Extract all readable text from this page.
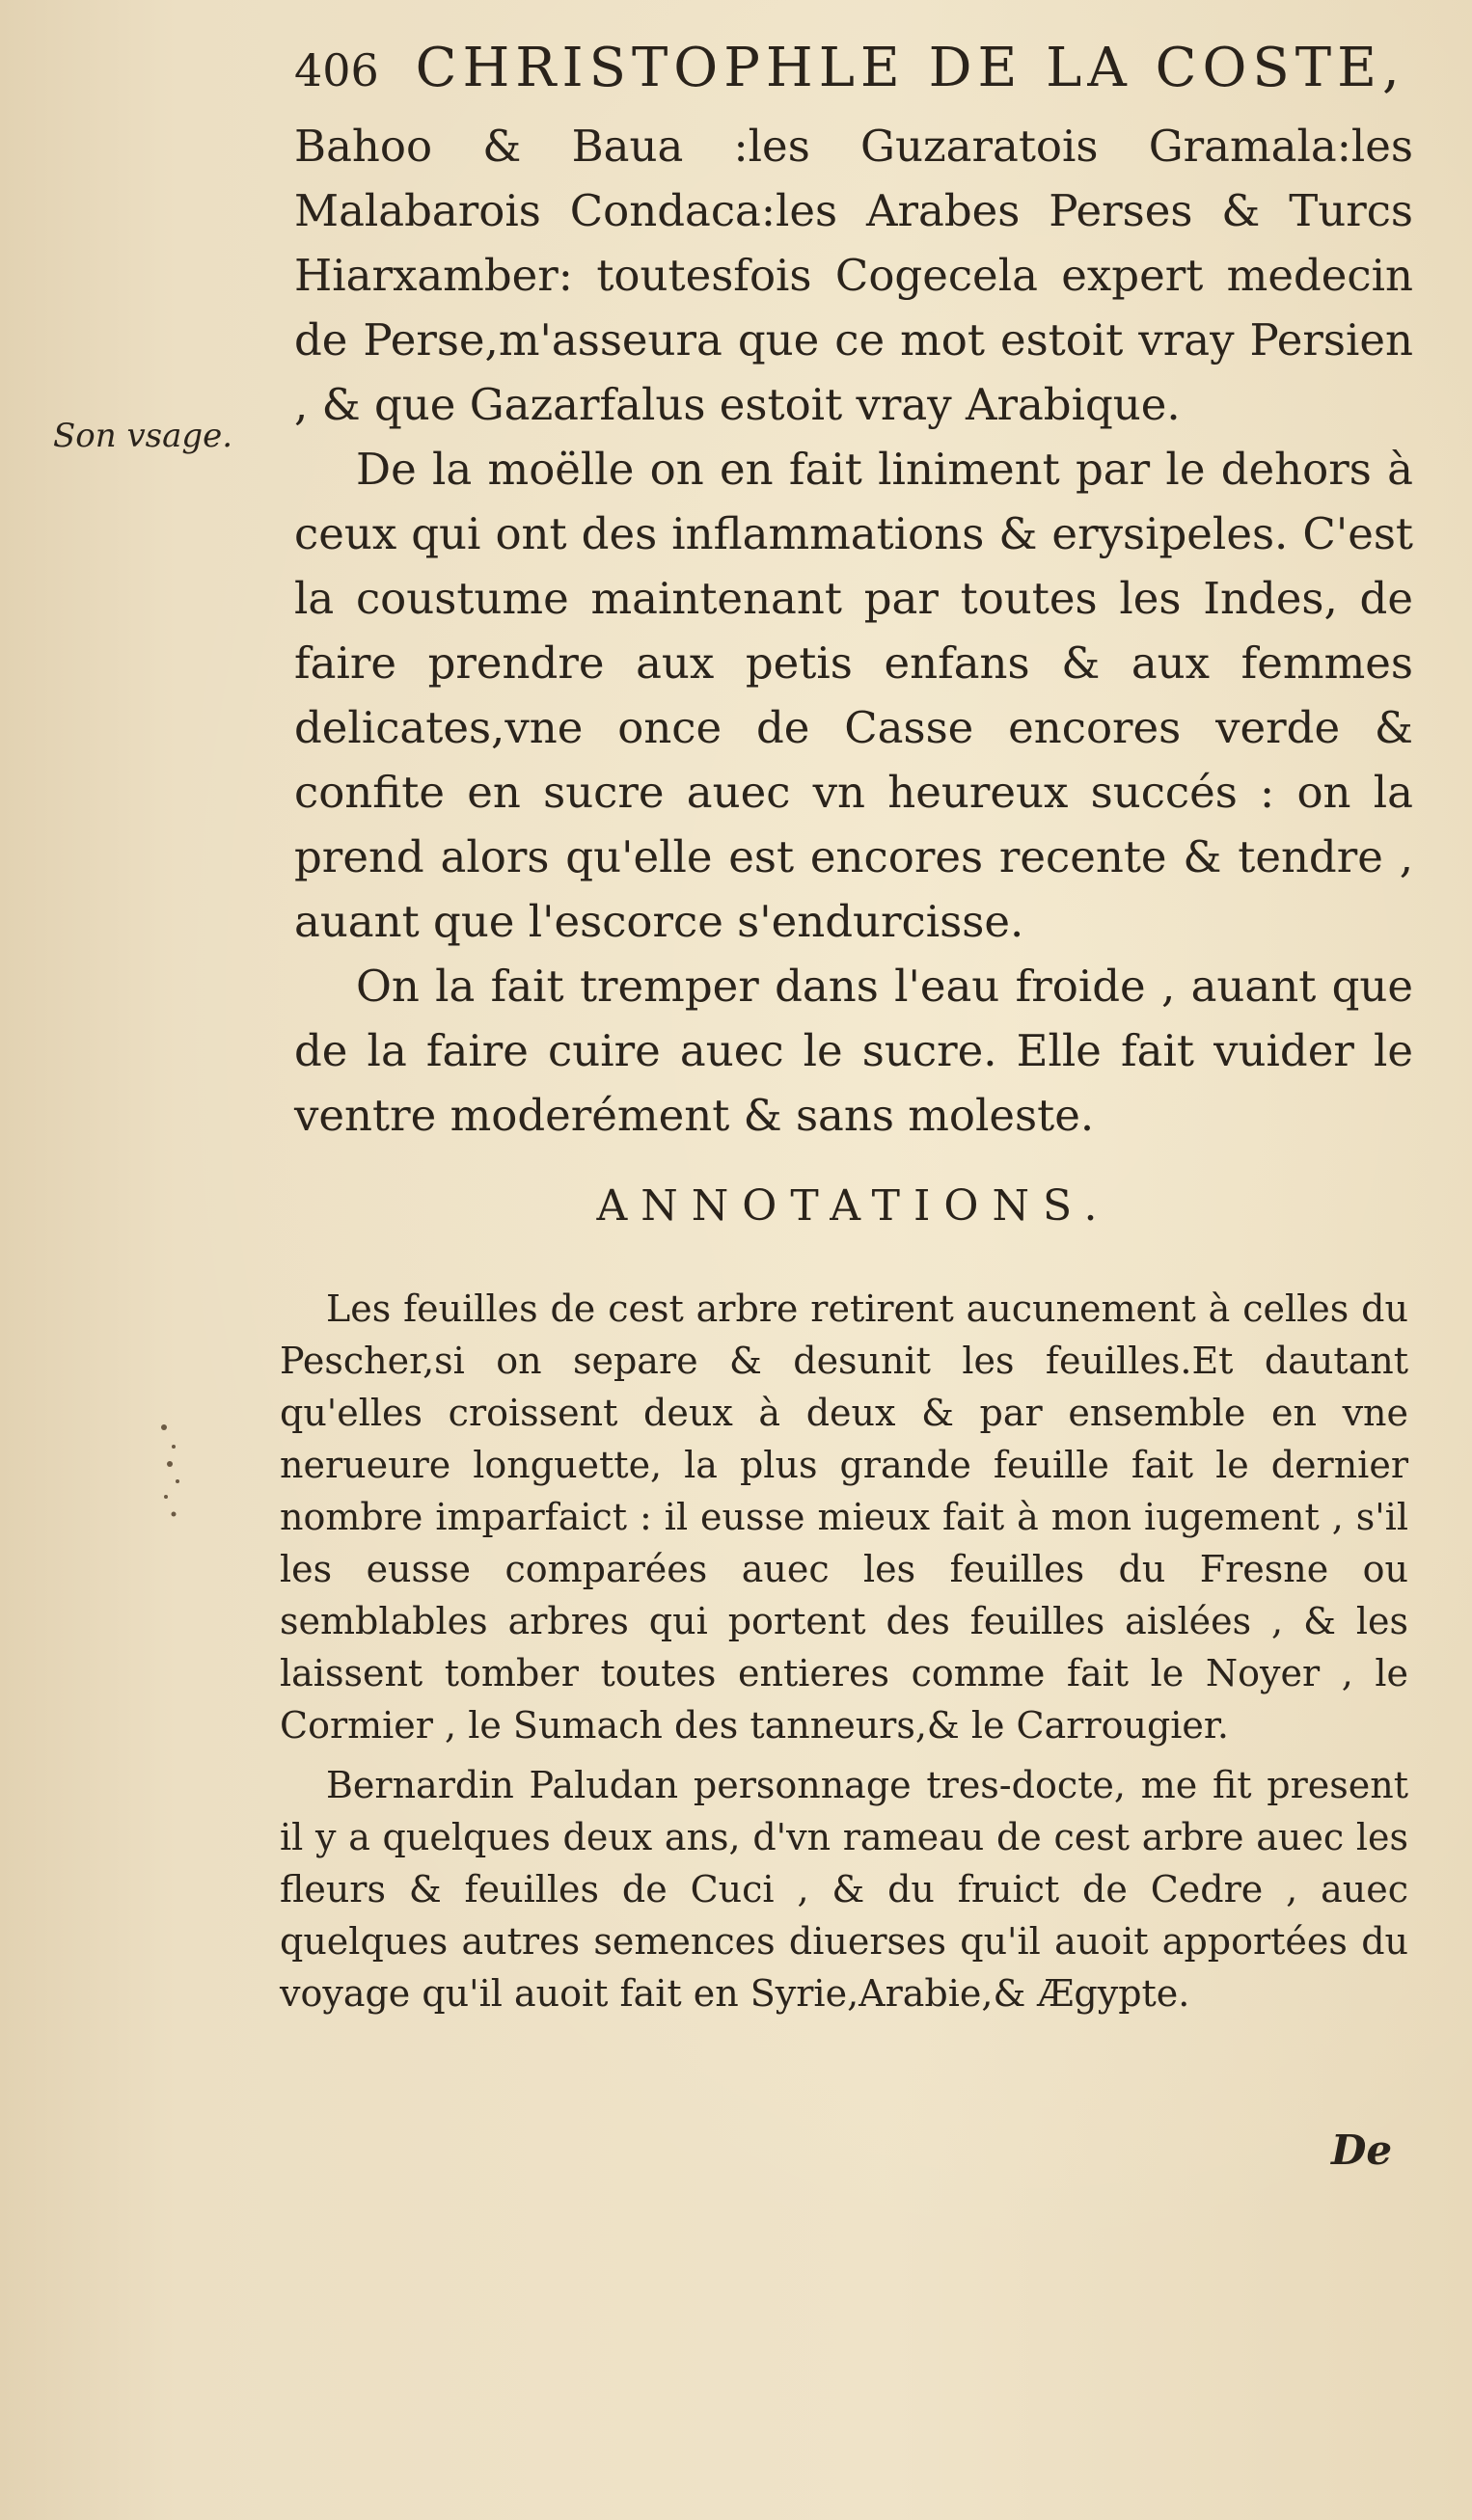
406 CHRISTOPHLE DE LA COSTE,
Son vsage.

Bahoo & Baua :les Guzaratois Gramala:les Malabarois Condaca:les Arabes Perses & Turcs Hiarxamber: toutesfois Cogecela expert medecin de Perse,m'asseura que ce mot estoit vray Persien , & que Gazarfalus estoit vray Arabique.

De la moëlle on en fait liniment par le dehors à ceux qui ont des inflammations & erysipeles. C'est la coustume maintenant par toutes les Indes, de faire prendre aux petis enfans & aux femmes delicates,vne once de Casse encores verde & confite en sucre auec vn heureux succés : on la prend alors qu'elle est encores recente & tendre , auant que l'escorce s'endurcisse.

On la fait tremper dans l'eau froide , auant que de la faire cuire auec le sucre. Elle fait vuider le ventre moderément & sans moleste.

ANNOTATIONS.

Les feuilles de cest arbre retirent aucunement à celles du Pescher,si on separe & desunit les feuilles.Et dautant qu'elles croissent deux à deux & par ensemble en vne nerueure longuette, la plus grande feuille fait le dernier nombre imparfaict : il eusse mieux fait à mon iugement , s'il les eusse comparées auec les feuilles du Fresne ou semblables arbres qui portent des feuilles aislées , & les laissent tomber toutes entieres comme fait le Noyer , le Cormier , le Sumach des tanneurs,& le Carrougier.

Bernardin Paludan personnage tres-docte, me fit present il y a quelques deux ans, d'vn rameau de cest arbre auec les fleurs & feuilles de Cuci , & du fruict de Cedre , auec quelques autres semences diuerses qu'il auoit apportées du voyage qu'il auoit fait en Syrie,Arabie,& Ægypte.

De
